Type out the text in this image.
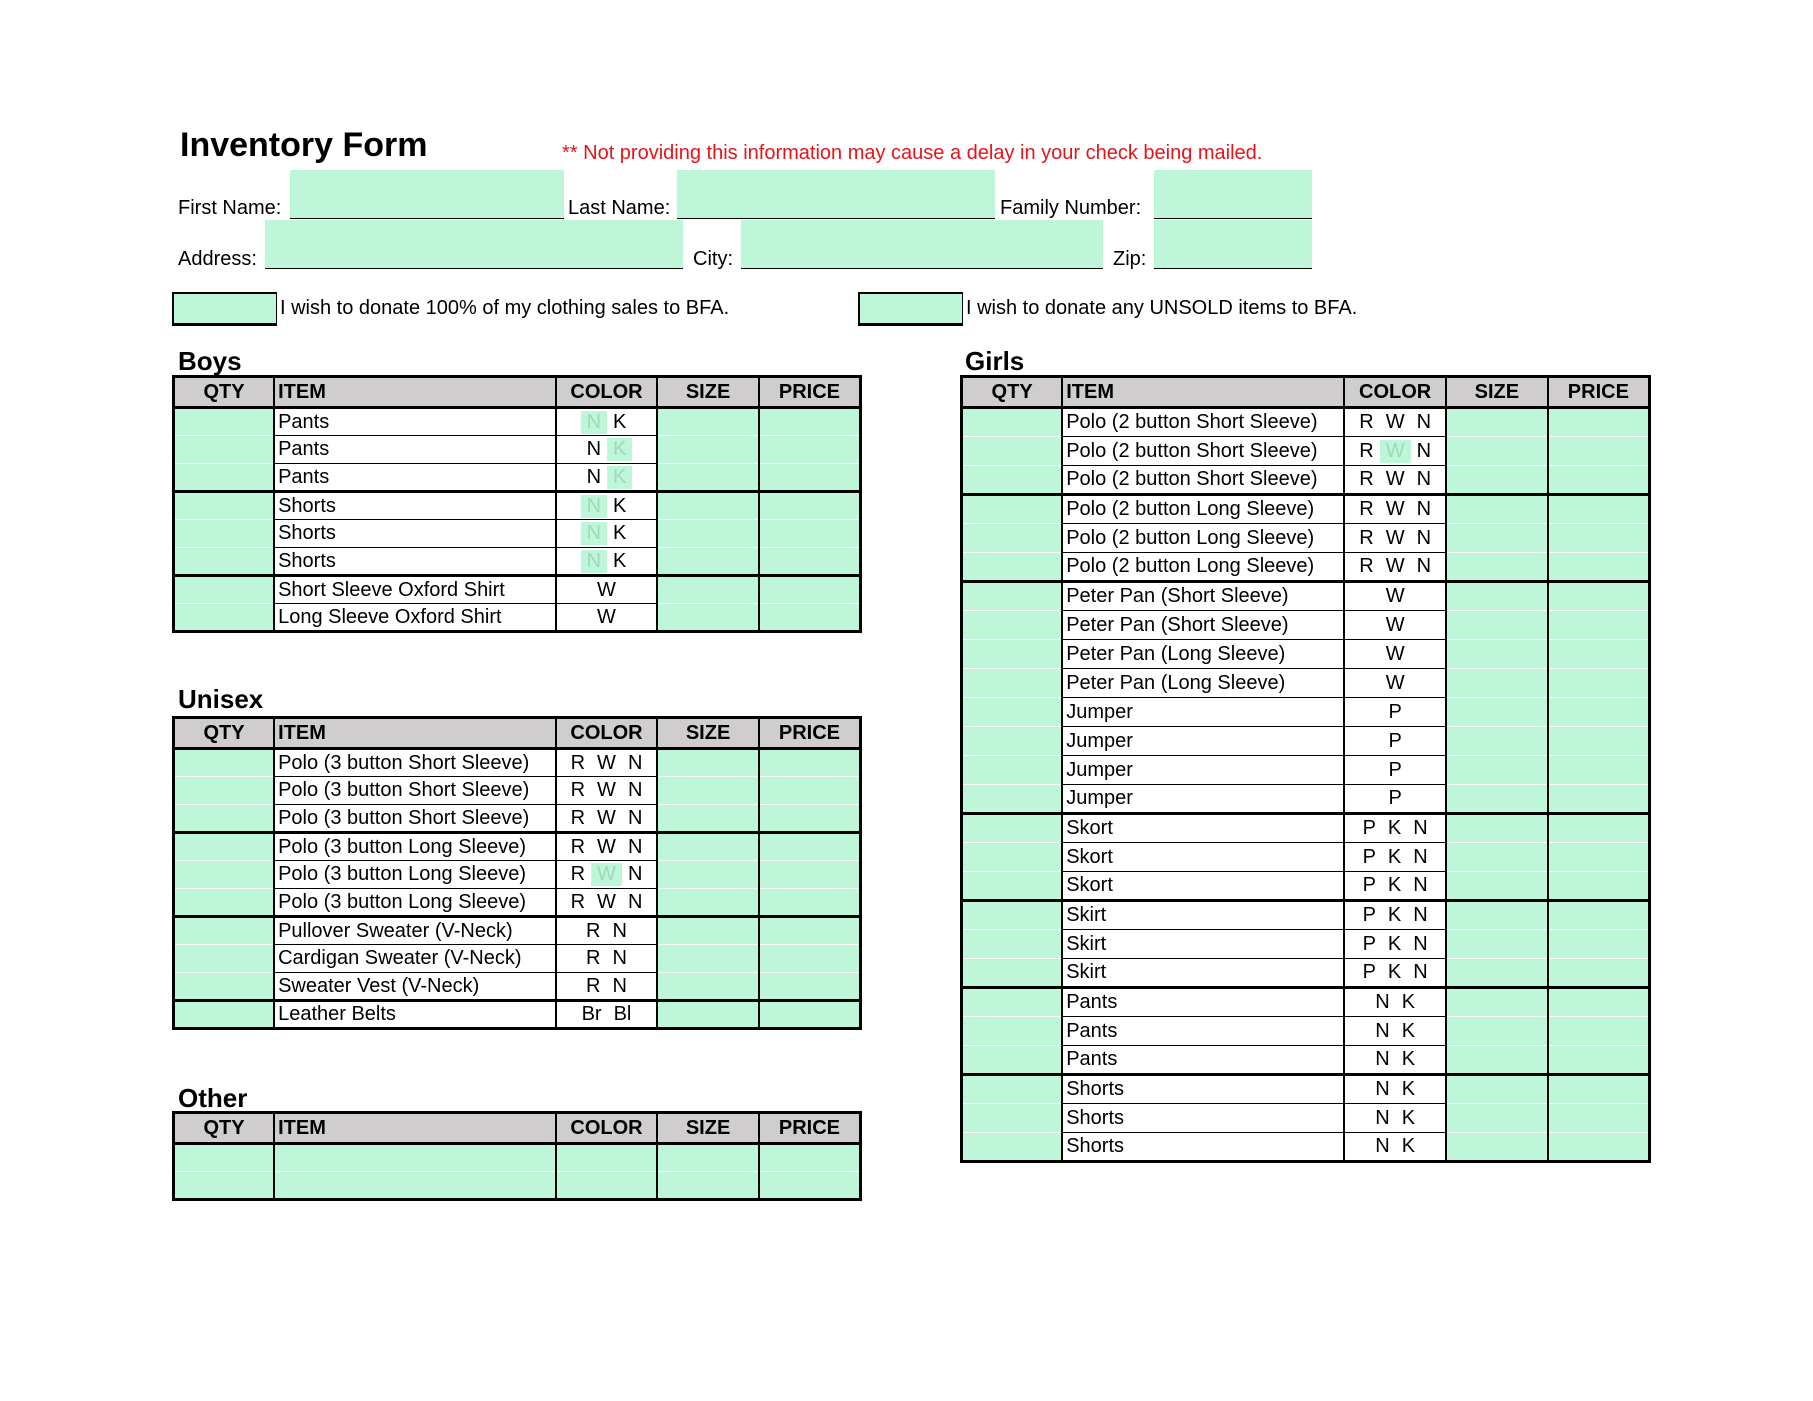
Inventory Form	** Not providing this information may cause a delay in your check being mailed.
First Name:	Last Name:	Family Number:
Address:	City:	Zip:
I wish to donate 100% of my clothing sales to BFA.	I wish to donate any UNSOLD items to BFA.
Boys
Unisex
Other
Girls
QTY	ITEM	COLOR	SIZE	PRICE
	Pants	N K		
	Pants	N K		
	Pants	N K		
	Shorts	N K		
	Shorts	N K		
	Shorts	N K		
	Short Sleeve Oxford Shirt	W		
	Long Sleeve Oxford Shirt	W		
QTY	ITEM	COLOR	SIZE	PRICE
	Polo (3 button Short Sleeve)	R W N		
	Polo (3 button Short Sleeve)	R W N		
	Polo (3 button Short Sleeve)	R W N		
	Polo (3 button Long Sleeve)	R W N		
	Polo (3 button Long Sleeve)	R W N		
	Polo (3 button Long Sleeve)	R W N		
	Pullover Sweater (V-Neck)	R N		
	Cardigan Sweater (V-Neck)	R N		
	Sweater Vest (V-Neck)	R N		
	Leather Belts	Br Bl		
QTY	ITEM	COLOR	SIZE	PRICE

QTY	ITEM	COLOR	SIZE	PRICE
	Polo (2 button Short Sleeve)	R W N		
	Polo (2 button Short Sleeve)	R W N		
	Polo (2 button Short Sleeve)	R W N		
	Polo (2 button Long Sleeve)	R W N		
	Polo (2 button Long Sleeve)	R W N		
	Polo (2 button Long Sleeve)	R W N		
	Peter Pan (Short Sleeve)	W		
	Peter Pan (Short Sleeve)	W		
	Peter Pan (Long Sleeve)	W		
	Peter Pan (Long Sleeve)	W		
	Jumper	P		
	Jumper	P		
	Jumper	P		
	Jumper	P		
	Skort	P K N		
	Skort	P K N		
	Skort	P K N		
	Skirt	P K N		
	Skirt	P K N		
	Skirt	P K N		
	Pants	N K		
	Pants	N K		
	Pants	N K		
	Shorts	N K		
	Shorts	N K		
	Shorts	N K		
